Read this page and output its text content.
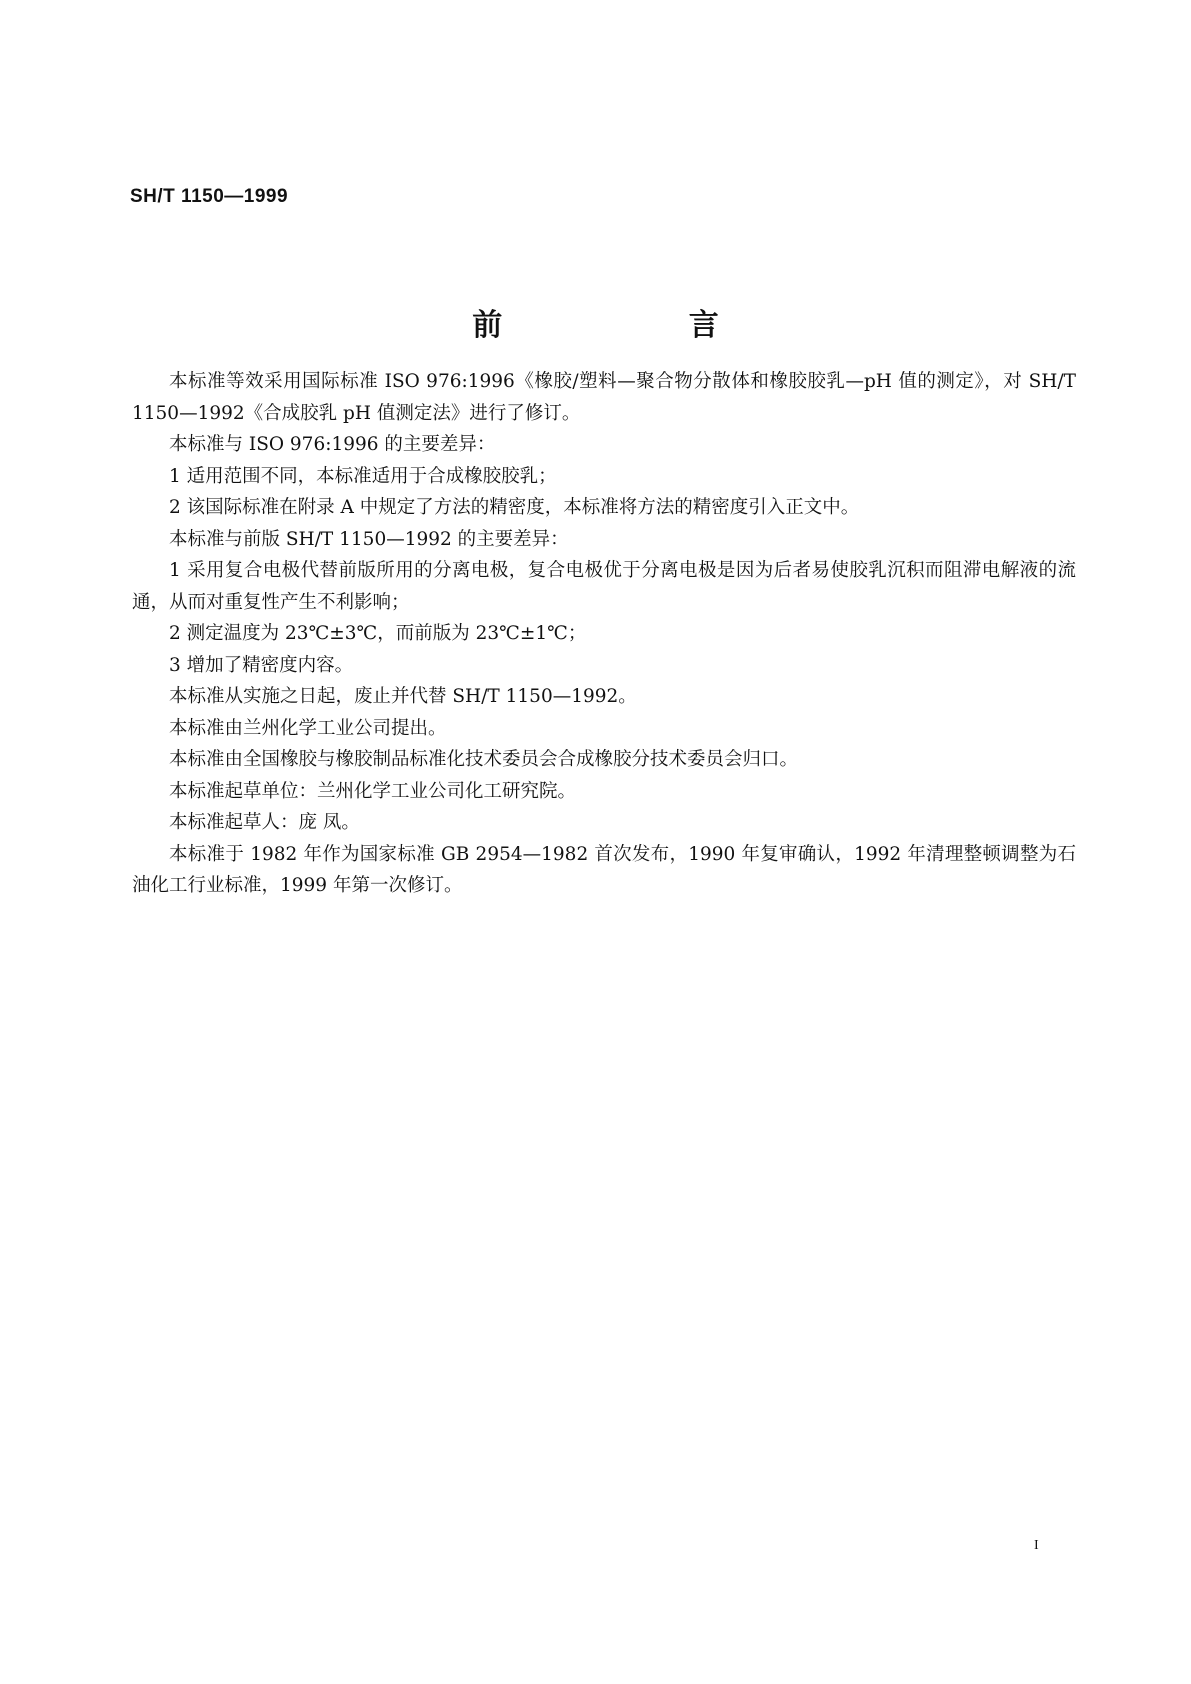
SH/T 1150—1999
前 言

本标准等效采用国际标准 ISO 976:1996《橡胶/塑料—聚合物分散体和橡胶胶乳—pH 值的测定》，对 SH/T 1150—1992《合成胶乳 pH 值测定法》进行了修订。

本标准与 ISO 976:1996 的主要差异：

1 适用范围不同，本标准适用于合成橡胶胶乳；

2 该国际标准在附录 A 中规定了方法的精密度，本标准将方法的精密度引入正文中。

本标准与前版 SH/T 1150—1992 的主要差异：

1 采用复合电极代替前版所用的分离电极，复合电极优于分离电极是因为后者易使胶乳沉积而阻滞电解液的流通，从而对重复性产生不利影响；

2 测定温度为 23℃±3℃，而前版为 23℃±1℃；

3 增加了精密度内容。

本标准从实施之日起，废止并代替 SH/T 1150—1992。

本标准由兰州化学工业公司提出。

本标准由全国橡胶与橡胶制品标准化技术委员会合成橡胶分技术委员会归口。

本标准起草单位：兰州化学工业公司化工研究院。

本标准起草人：庞 凤。

本标准于 1982 年作为国家标准 GB 2954—1982 首次发布，1990 年复审确认，1992 年清理整顿调整为石油化工行业标准，1999 年第一次修订。

I
